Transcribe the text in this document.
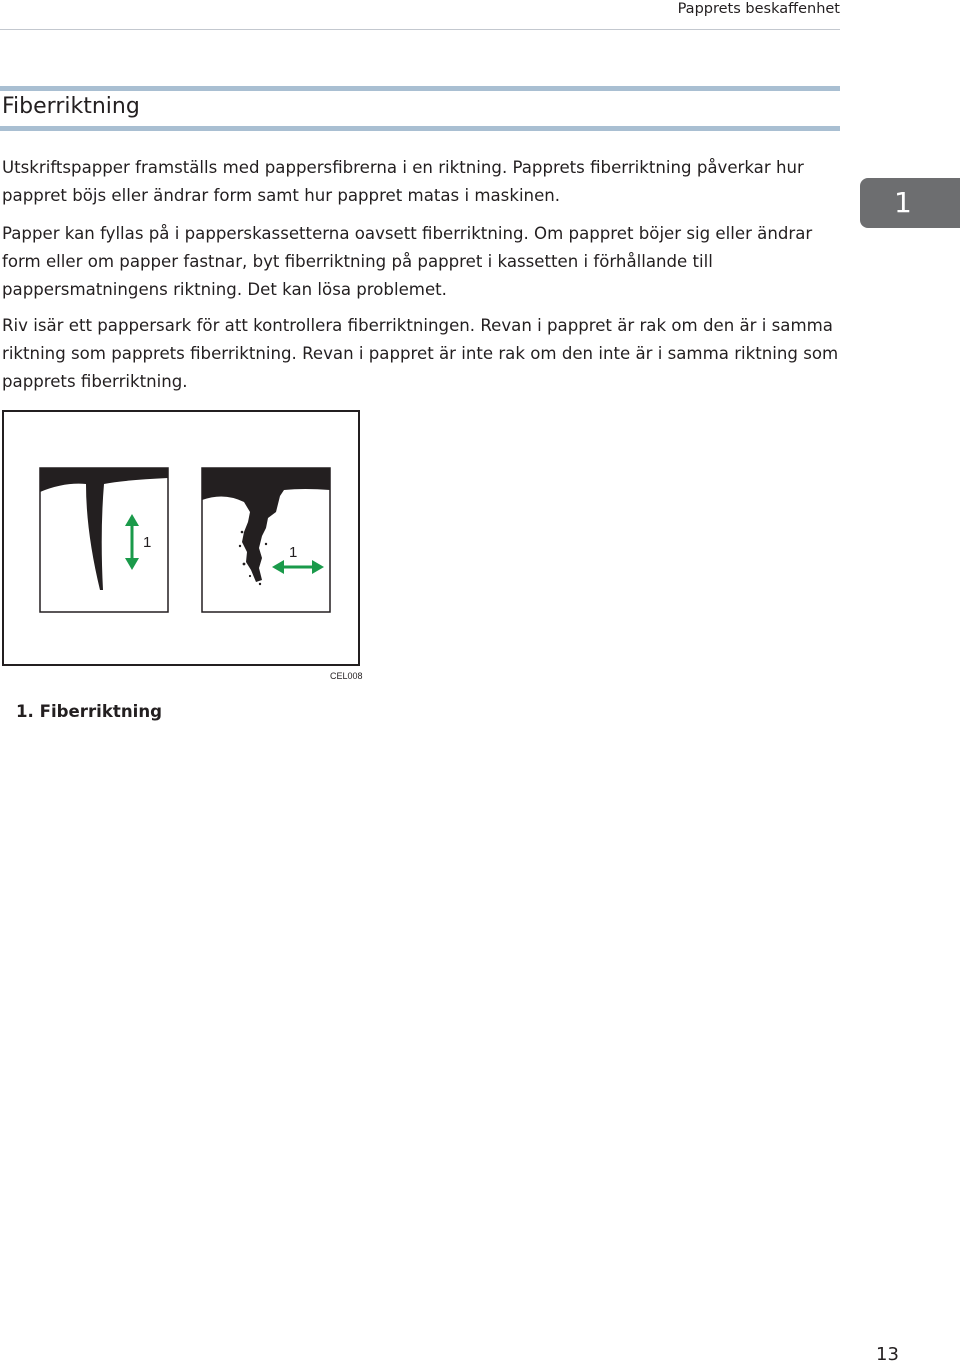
Papprets beskaffenhet
Fiberriktning

Utskriftspapper framställs med pappersfibrerna i en riktning. Papprets fiberriktning påverkar hur pappret böjs eller ändrar form samt hur pappret matas i maskinen.

Papper kan fyllas på i papperskassetterna oavsett fiberriktning. Om pappret böjer sig eller ändrar form eller om papper fastnar, byt fiberriktning på pappret i kassetten i förhållande till pappersmatningens riktning. Det kan lösa problemet.

Riv isär ett pappersark för att kontrollera fiberriktningen. Revan i pappret är rak om den är i samma riktning som papprets fiberriktning. Revan i pappret är inte rak om den inte är i samma riktning som papprets fiberriktning.

1
1
1
CEL008
1. Fiberriktning
13
